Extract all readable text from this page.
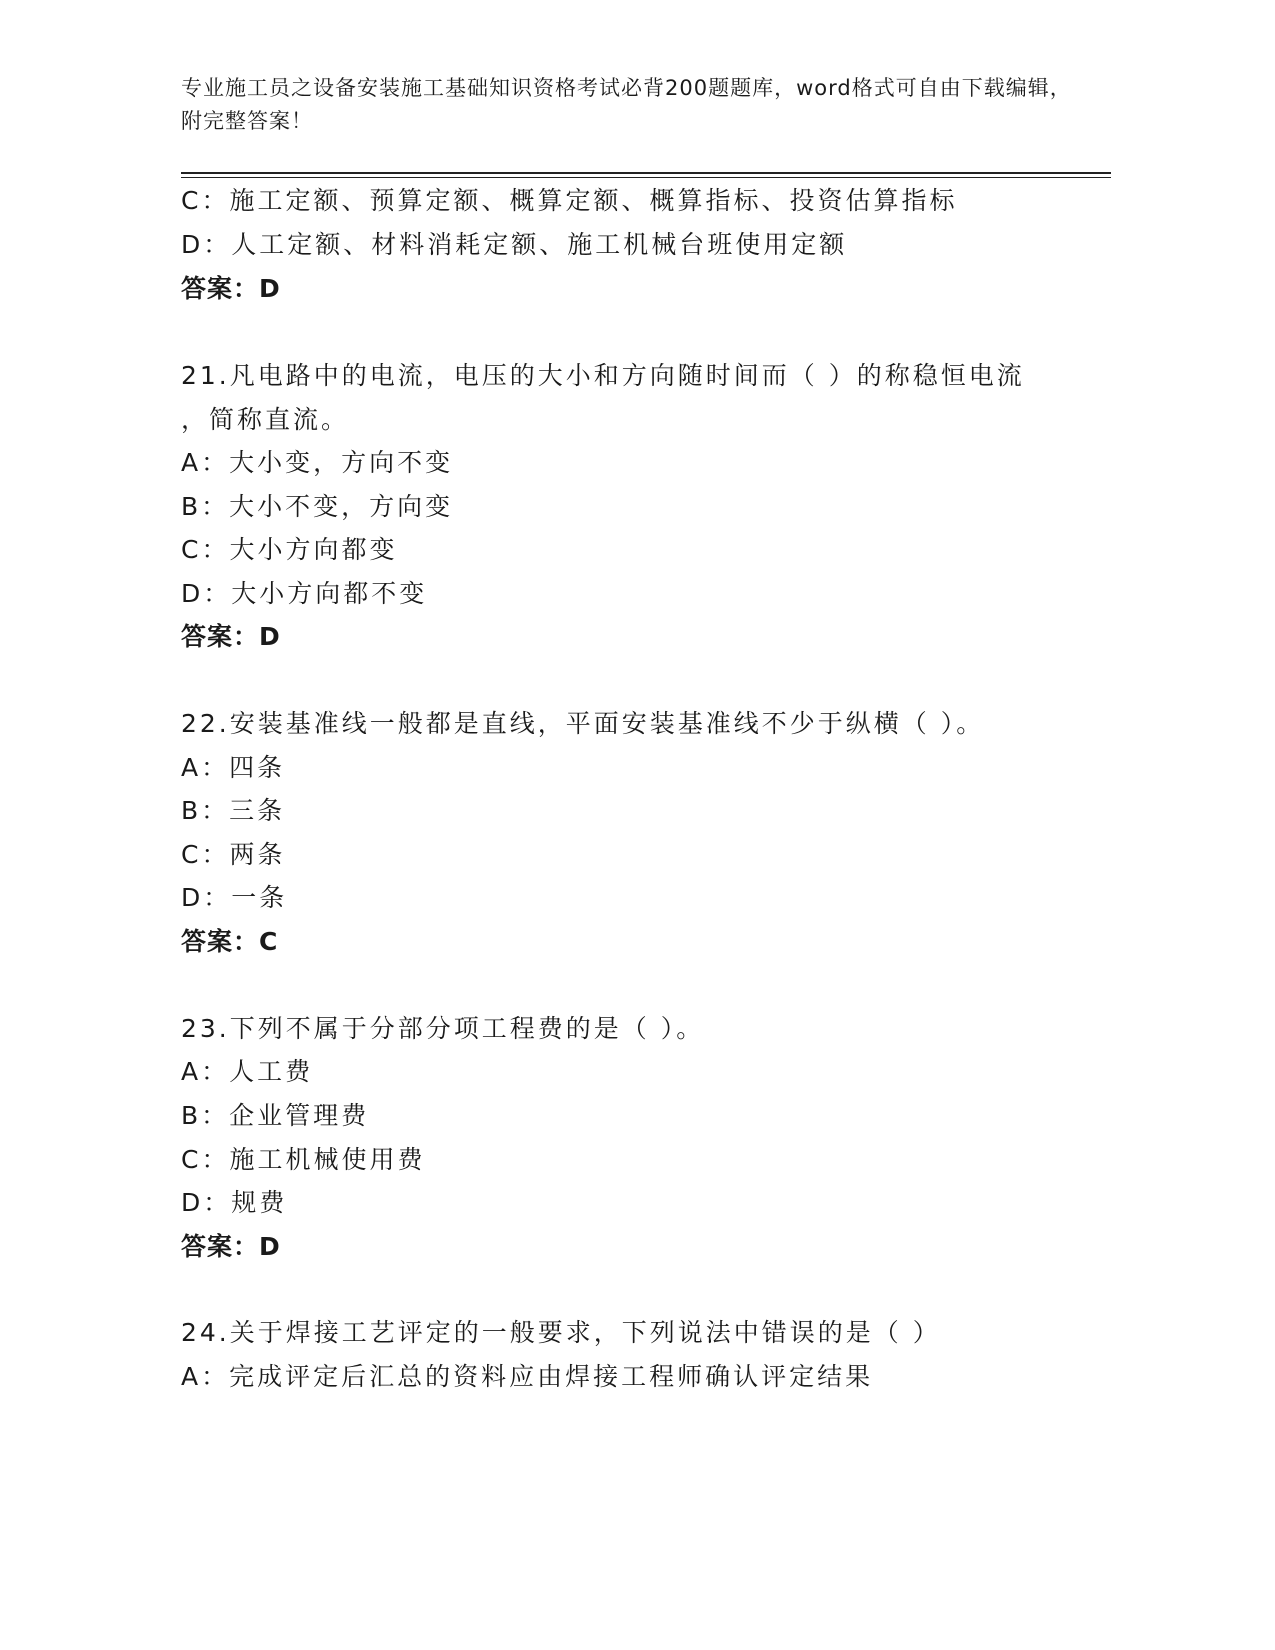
专业施工员之设备安装施工基础知识资格考试必背200题题库，word格式可自由下载编辑，附完整答案！
C：施工定额、预算定额、概算定额、概算指标、投资估算指标
D：人工定额、材料消耗定额、施工机械台班使用定额
答案：D
21.凡电路中的电流，电压的大小和方向随时间而（ ）的称稳恒电流
，简称直流。
A：大小变，方向不变
B：大小不变，方向变
C：大小方向都变
D：大小方向都不变
答案：D
22.安装基准线一般都是直线，平面安装基准线不少于纵横（ ）。
A：四条
B：三条
C：两条
D：一条
答案：C
23.下列不属于分部分项工程费的是（ ）。
A：人工费
B：企业管理费
C：施工机械使用费
D：规费
答案：D
24.关于焊接工艺评定的一般要求，下列说法中错误的是（ ）
A：完成评定后汇总的资料应由焊接工程师确认评定结果
